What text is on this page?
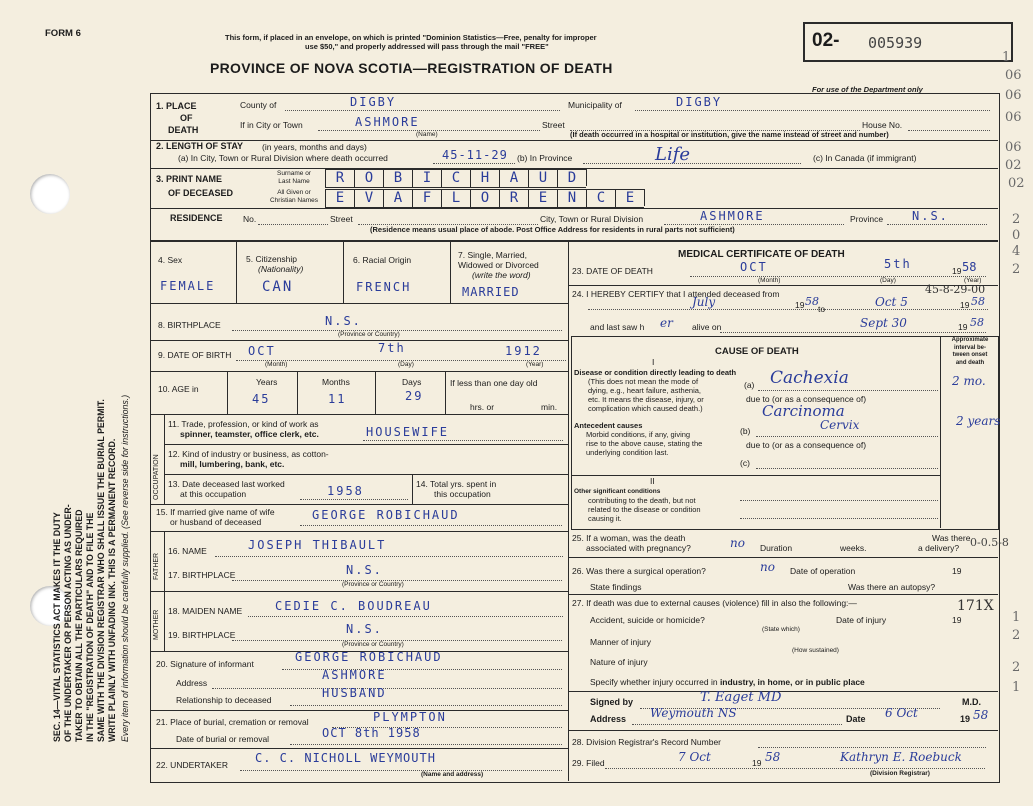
FORM 6
SEC. 14—VITAL STATISTICS ACT MAKES IT THE DUTY OF THE UNDERTAKER OR PERSON ACTING AS UNDER- TAKER TO OBTAIN ALL THE PARTICULARS REQUIRED IN THE "REGISTRATION OF DEATH" AND TO FILE THE SAME WITH THE DIVISION REGISTRAR WHO SHALL ISSUE THE BURIAL PERMIT. WRITE PLAINLY WITH UNFADING INK. THIS IS A PERMANENT RECORD. Every item of information should be carefully supplied. (See reverse side for instructions.)
This form, if placed in an envelope, on which is printed "Dominion Statistics—Free, penalty for improper
use $50," and properly addressed will pass through the mail "FREE"
PROVINCE OF NOVA SCOTIA—REGISTRATION OF DEATH
02- 005939
For use of the Department only
1
06
06
06
06
02
02
2
0
4
2
1
2
2
1
1. PLACE
OF
DEATH
County of	DIGBY	Municipality of	DIGBY
If in City or Town	ASHMORE	Street	House No.
(Name)	(If death occurred in a hospital or institution, give the name instead of street and number)
2. LENGTH OF STAY (in years, months and days)
(a) In City, Town or Rural Division where death occurred	45-11-29 (b) In Province	Life	(c) In Canada (if immigrant)
3. PRINT NAME
OF DECEASED
Surname or
Last Name
All Given or
Christian Names
R	O	B	I	C	H	A	U	D
E	V	A	F	L	O	R	E	N	C	E
RESIDENCE No.	Street	City, Town or Rural Division	ASHMORE	Province N.S.
(Residence means usual place of abode. Post Office Address for residents in rural parts not sufficient)
4. Sex	5. Citizenship
(Nationality)
6. Racial Origin	7. Single, Married,
Widowed or Divorced
(write the word)
FEMALE	CAN	FRENCH	MARRIED
8. BIRTHPLACE	N.S.
(Province or Country)
9. DATE OF BIRTH OCT	7th	1912
(Month)	(Day)	(Year)
10. AGE in
Years	Months	Days
45	11	29
If less than one day old
hrs. or	min.
OCCUPATION
11. Trade, profession, or kind of work as
spinner, teamster, office clerk, etc.	HOUSEWIFE
12. Kind of industry or business, as cotton-
mill, lumbering, bank, etc.
13. Date deceased last worked
at this occupation	1958	14. Total yrs. spent in
this occupation
15. If married give name of wife
or husband of deceased	GEORGE ROBICHAUD
FATHER
16. NAME	JOSEPH THIBAULT
17. BIRTHPLACE	N.S.
(Province or Country)
MOTHER 18. MAIDEN NAME	CEDIE C. BOUDREAU
19. BIRTHPLACE	N.S.
(Province or Country)
20. Signature of informant	GEORGE ROBICHAUD
Address
ASHMORE
Relationship to deceased	HUSBAND
21. Place of burial, cremation or removal	PLYMPTON
Date of burial or removal	OCT 8th 1958
22. UNDERTAKER C. C. NICHOLL WEYMOUTH
(Name and address)
MEDICAL CERTIFICATE OF DEATH
23. DATE OF DEATH	OCT	5th	19 58
(Month)	(Day)	(Year)
24. I HEREBY CERTIFY that I attended deceased from	45-8-29-00
July	19 58
to	Oct 5	19 58
and last saw h er alive on	Sept 30	19 58
CAUSE OF DEATH
Approximate
interval be-
tween onset
and death
I
Disease or condition directly leading to death
(This does not mean the mode of
dying, e.g., heart failure, asthenia,
etc. It means the disease, injury, or
complication which caused death.)
(a) Cachexia	2 mo.
due to (or as a consequence of)
Carcinoma
Antecedent causes
Morbid conditions, if any, giving
rise to the above cause, stating the
underlying condition last.
(b)	Cervix	2 years
due to (or as a consequence of)
(c)
II
Other significant conditions
contributing to the death, but not
related to the disease or condition
causing it.
25. If a woman, was the death
associated with pregnancy?	no Duration	weeks.
Was there
a delivery? 0-0.5-8
26. Was there a surgical operation?	no Date of operation	19
State findings	Was there an autopsy?
27. If death was due to external causes (violence) fill in also the following:—	171X
Accident, suicide or homicide?	Date of injury	19
(State which)
Manner of injury
(How sustained)
Nature of injury
Specify whether injury occurred in industry, in home, or in public place
Signed by	T. Eaget MD	M.D.
Address Weymouth NS	Date 6 Oct	19 58
28. Division Registrar's Record Number
29. Filed	7 Oct	19 58	Kathryn E. Roebuck
(Division Registrar)
